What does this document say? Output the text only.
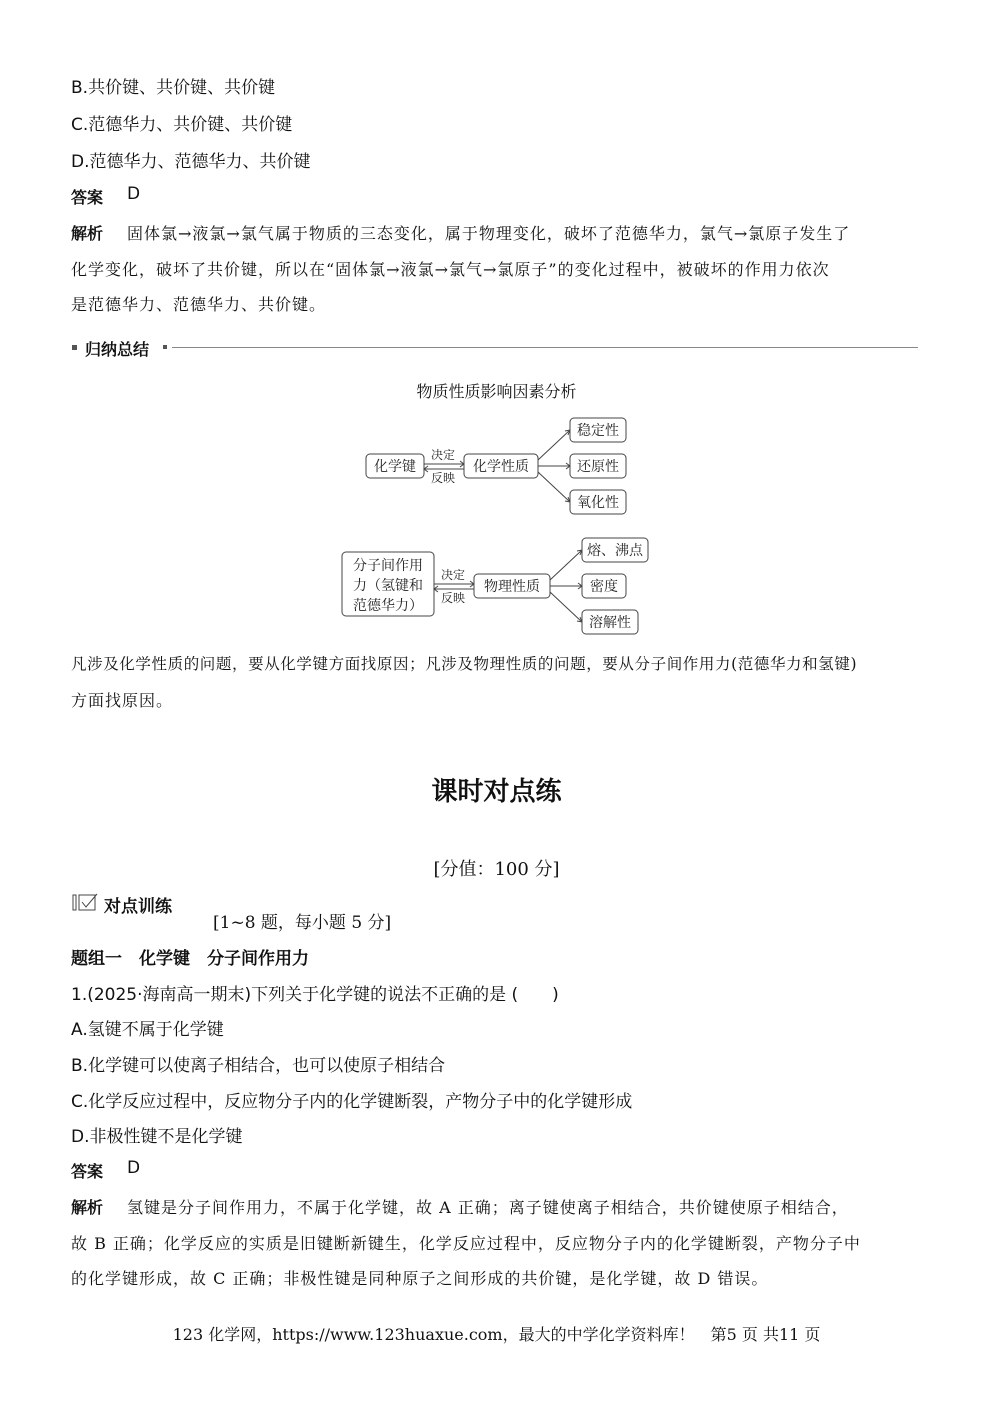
B.共价键、共价键、共价键
C.范德华力、共价键、共价键
D.范德华力、范德华力、共价键
答案 D
解析 固体氯→液氯→氯气属于物质的三态变化，属于物理变化，破坏了范德华力，氯气→氯原子发生了
化学变化，破坏了共价键，所以在“固体氯→液氯→氯气→氯原子”的变化过程中，被破坏的作用力依次
是范德华力、范德华力、共价键。
归纳总结
物质性质影响因素分析
化学键
决定
反映
化学性质
稳定性
还原性
氧化性
分子间作用
力（氢键和
范德华力）
决定
反映
物理性质
熔、沸点
密度
溶解性
凡涉及化学性质的问题，要从化学键方面找原因；凡涉及物理性质的问题，要从分子间作用力(范德华力和氢键)
方面找原因。
课时对点练
[分值：100 分]
对点训练
[1~8 题，每小题 5 分]
题组一　化学键　分子间作用力
1.(2025·海南高一期末)下列关于化学键的说法不正确的是 (　　)
A.氢键不属于化学键
B.化学键可以使离子相结合，也可以使原子相结合
C.化学反应过程中，反应物分子内的化学键断裂，产物分子中的化学键形成
D.非极性键不是化学键
答案 D
解析 氢键是分子间作用力，不属于化学键，故 A 正确；离子键使离子相结合，共价键使原子相结合，
故 B 正确；化学反应的实质是旧键断新键生，化学反应过程中，反应物分子内的化学键断裂，产物分子中
的化学键形成，故 C 正确；非极性键是同种原子之间形成的共价键，是化学键，故 D 错误。
123 化学网，https://www.123huaxue.com，最大的中学化学资料库！　第5 页 共11 页
